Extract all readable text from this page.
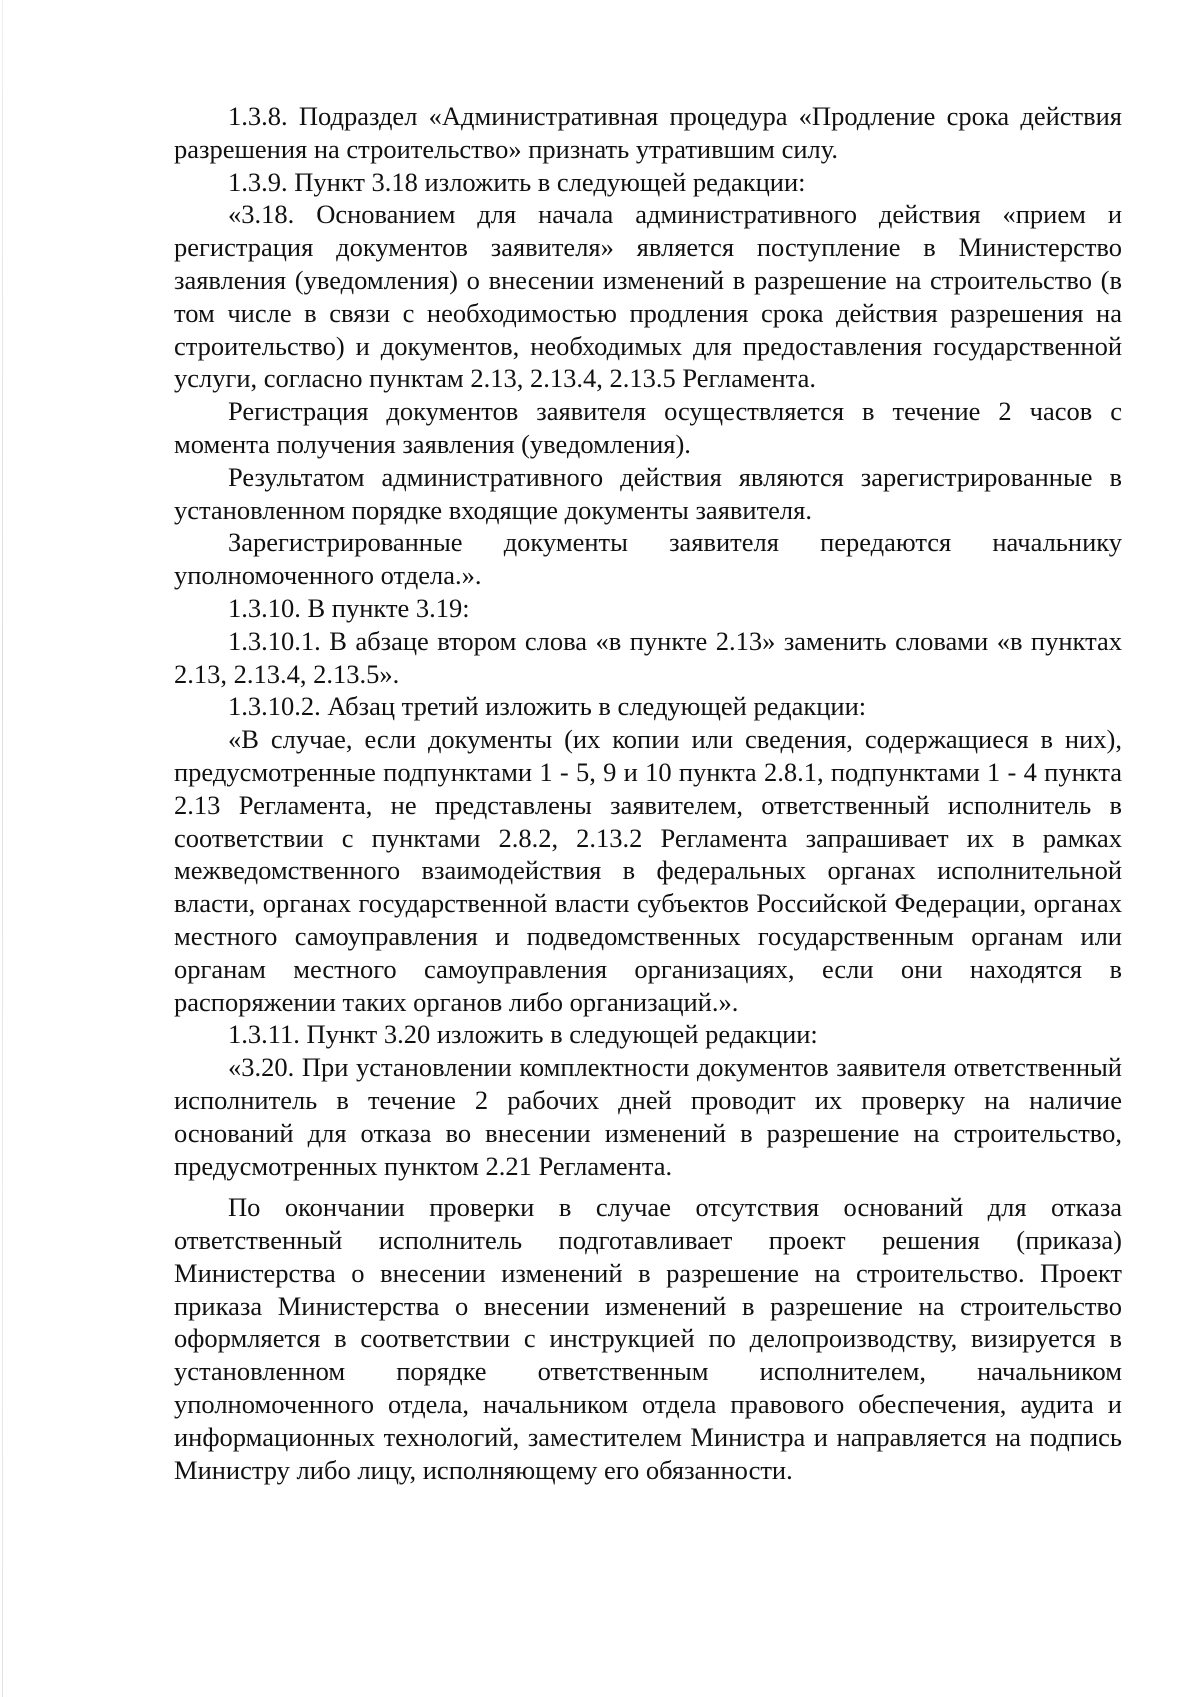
1.3.8. Подраздел «Административная процедура «Продление срока действия разрешения на строительство» признать утратившим силу.

1.3.9. Пункт 3.18 изложить в следующей редакции:

«3.18. Основанием для начала административного действия «прием и регистрация документов заявителя» является поступление в Министерство заявления (уведомления) о внесении изменений в разрешение на строительство (в том числе в связи с необходимостью продления срока действия разрешения на строительство) и документов, необходимых для предоставления государственной услуги, согласно пунктам 2.13, 2.13.4, 2.13.5 Регламента.

Регистрация документов заявителя осуществляется в течение 2 часов с момента получения заявления (уведомления).

Результатом административного действия являются зарегистрированные в установленном порядке входящие документы заявителя.

Зарегистрированные документы заявителя передаются начальнику уполномоченного отдела.».

1.3.10. В пункте 3.19:

1.3.10.1. В абзаце втором слова «в пункте 2.13» заменить словами «в пунктах 2.13, 2.13.4, 2.13.5».

1.3.10.2. Абзац третий изложить в следующей редакции:

«В случае, если документы (их копии или сведения, содержащиеся в них), предусмотренные подпунктами 1 - 5, 9 и 10 пункта 2.8.1, подпунктами 1 - 4 пункта 2.13 Регламента, не представлены заявителем, ответственный исполнитель в соответствии с пунктами 2.8.2, 2.13.2 Регламента запрашивает их в рамках межведомственного взаимодействия в федеральных органах исполнительной власти, органах государственной власти субъектов Российской Федерации, органах местного самоуправления и подведомственных государственным органам или органам местного самоуправления организациях, если они находятся в распоряжении таких органов либо организаций.».

1.3.11. Пункт 3.20 изложить в следующей редакции:

«3.20. При установлении комплектности документов заявителя ответственный исполнитель в течение 2 рабочих дней проводит их проверку на наличие оснований для отказа во внесении изменений в разрешение на строительство, предусмотренных пунктом 2.21 Регламента.

По окончании проверки в случае отсутствия оснований для отказа ответственный исполнитель подготавливает проект решения (приказа) Министерства о внесении изменений в разрешение на строительство. Проект приказа Министерства о внесении изменений в разрешение на строительство оформляется в соответствии с инструкцией по делопроизводству, визируется в установленном порядке ответственным исполнителем, начальником уполномоченного отдела, начальником отдела правового обеспечения, аудита и информационных технологий, заместителем Министра и направляется на подпись Министру либо лицу, исполняющему его обязанности.
